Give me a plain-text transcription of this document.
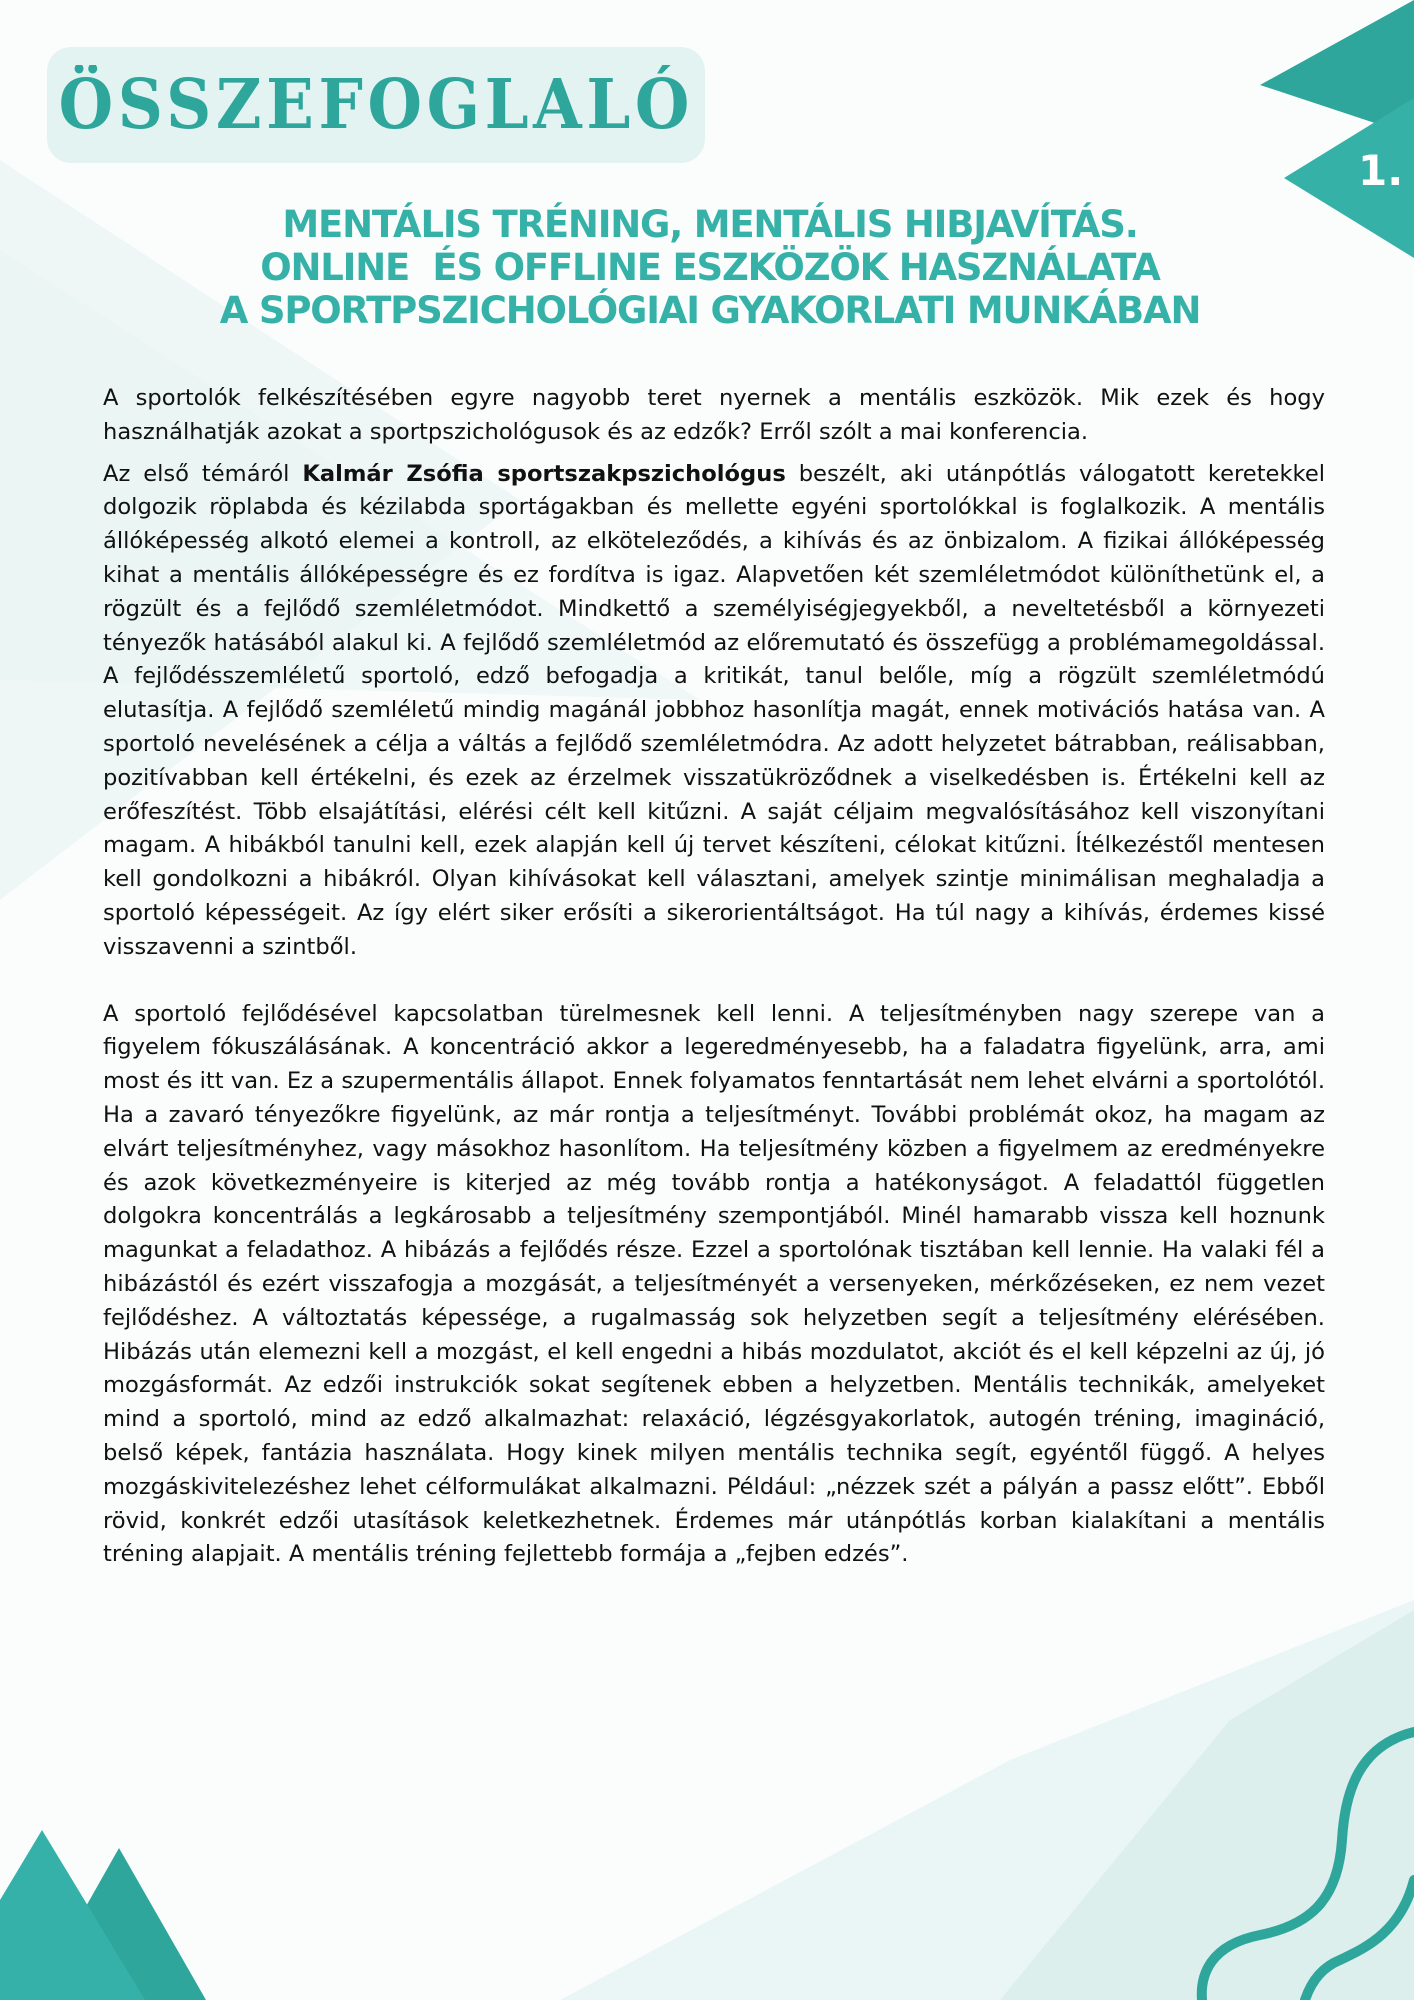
ÖSSZEFOGLALÓ
1.
MENTÁLIS TRÉNING, MENTÁLIS HIBJAVÍTÁS.
ONLINE  ÉS OFFLINE ESZKÖZÖK HASZNÁLATA
A SPORTPSZICHOLÓGIAI GYAKORLATI MUNKÁBAN

A sportolók felkészítésében egyre nagyobb teret nyernek a mentális eszközök. Mik ezek és hogy használhatják azokat a sportpszichológusok és az edzők? Erről szólt a mai konferencia.

Az első témáról Kalmár Zsófia sportszakpszichológus beszélt, aki utánpótlás válogatott keretekkel dolgozik röplabda és kézilabda sportágakban és mellette egyéni sportolókkal is foglalkozik. A mentális állóképesség alkotó elemei a kontroll, az elköteleződés, a kihívás és az önbizalom. A fizikai állóképesség kihat a mentális állóképességre és ez fordítva is igaz. Alapvetően két szemléletmódot különíthetünk el, a rögzült és a fejlődő szemléletmódot. Mindkettő a személyiségjegyekből, a neveltetésből a környezeti tényezők hatásából alakul ki. A fejlődő szemléletmód az előremutató és összefügg a problémamegoldással. A fejlődésszemléletű sportoló, edző befogadja a kritikát, tanul belőle, míg a rögzült szemléletmódú elutasítja. A fejlődő szemléletű mindig magánál jobbhoz hasonlítja magát, ennek motivációs hatása van. A sportoló nevelésének a célja a váltás a fejlődő szemléletmódra. Az adott helyzetet bátrabban, reálisabban, pozitívabban kell értékelni, és ezek az érzelmek visszatükröződnek a viselkedésben is. Értékelni kell az erőfeszítést. Több elsajátítási, elérési célt kell kitűzni. A saját céljaim megvalósításához kell viszonyítani magam. A hibákból tanulni kell, ezek alapján kell új tervet készíteni, célokat kitűzni. Ítélkezéstől mentesen kell gondolkozni a hibákról. Olyan kihívásokat kell választani, amelyek szintje minimálisan meghaladja a sportoló képességeit. Az így elért siker erősíti a sikerorientáltságot. Ha túl nagy a kihívás, érdemes kissé visszavenni a szintből.

A sportoló fejlődésével kapcsolatban türelmesnek kell lenni. A teljesítményben nagy szerepe van a figyelem fókuszálásának. A koncentráció akkor a legeredményesebb, ha a faladatra figyelünk, arra, ami most és itt van. Ez a szupermentális állapot. Ennek folyamatos fenntartását nem lehet elvárni a sportolótól. Ha a zavaró tényezőkre figyelünk, az már rontja a teljesítményt. További problémát okoz, ha magam az elvárt teljesítményhez, vagy másokhoz hasonlítom. Ha teljesítmény közben a figyelmem az eredményekre és azok következményeire is kiterjed az még tovább rontja a hatékonyságot. A feladattól független dolgokra koncentrálás a legkárosabb a teljesítmény szempontjából. Minél hamarabb vissza kell hoznunk magunkat a feladathoz. A hibázás a fejlődés része. Ezzel a sportolónak tisztában kell lennie. Ha valaki fél a hibázástól és ezért visszafogja a mozgását, a teljesítményét a versenyeken, mérkőzéseken, ez nem vezet fejlődéshez. A változtatás képessége, a rugalmasság sok helyzetben segít a teljesítmény elérésében. Hibázás után elemezni kell a mozgást, el kell engedni a hibás mozdulatot, akciót és el kell képzelni az új, jó mozgásformát. Az edzői instrukciók sokat segítenek ebben a helyzetben. Mentális technikák, amelyeket mind a sportoló, mind az edző alkalmazhat: relaxáció, légzésgyakorlatok, autogén tréning, imagináció, belső képek, fantázia használata. Hogy kinek milyen mentális technika segít, egyéntől függő. A helyes mozgáskivitelezéshez lehet célformulákat alkalmazni. Például: „nézzek szét a pályán a passz előtt”. Ebből rövid, konkrét edzői utasítások keletkezhetnek. Érdemes már utánpótlás korban kialakítani a mentális tréning alapjait. A mentális tréning fejlettebb formája a „fejben edzés”.
